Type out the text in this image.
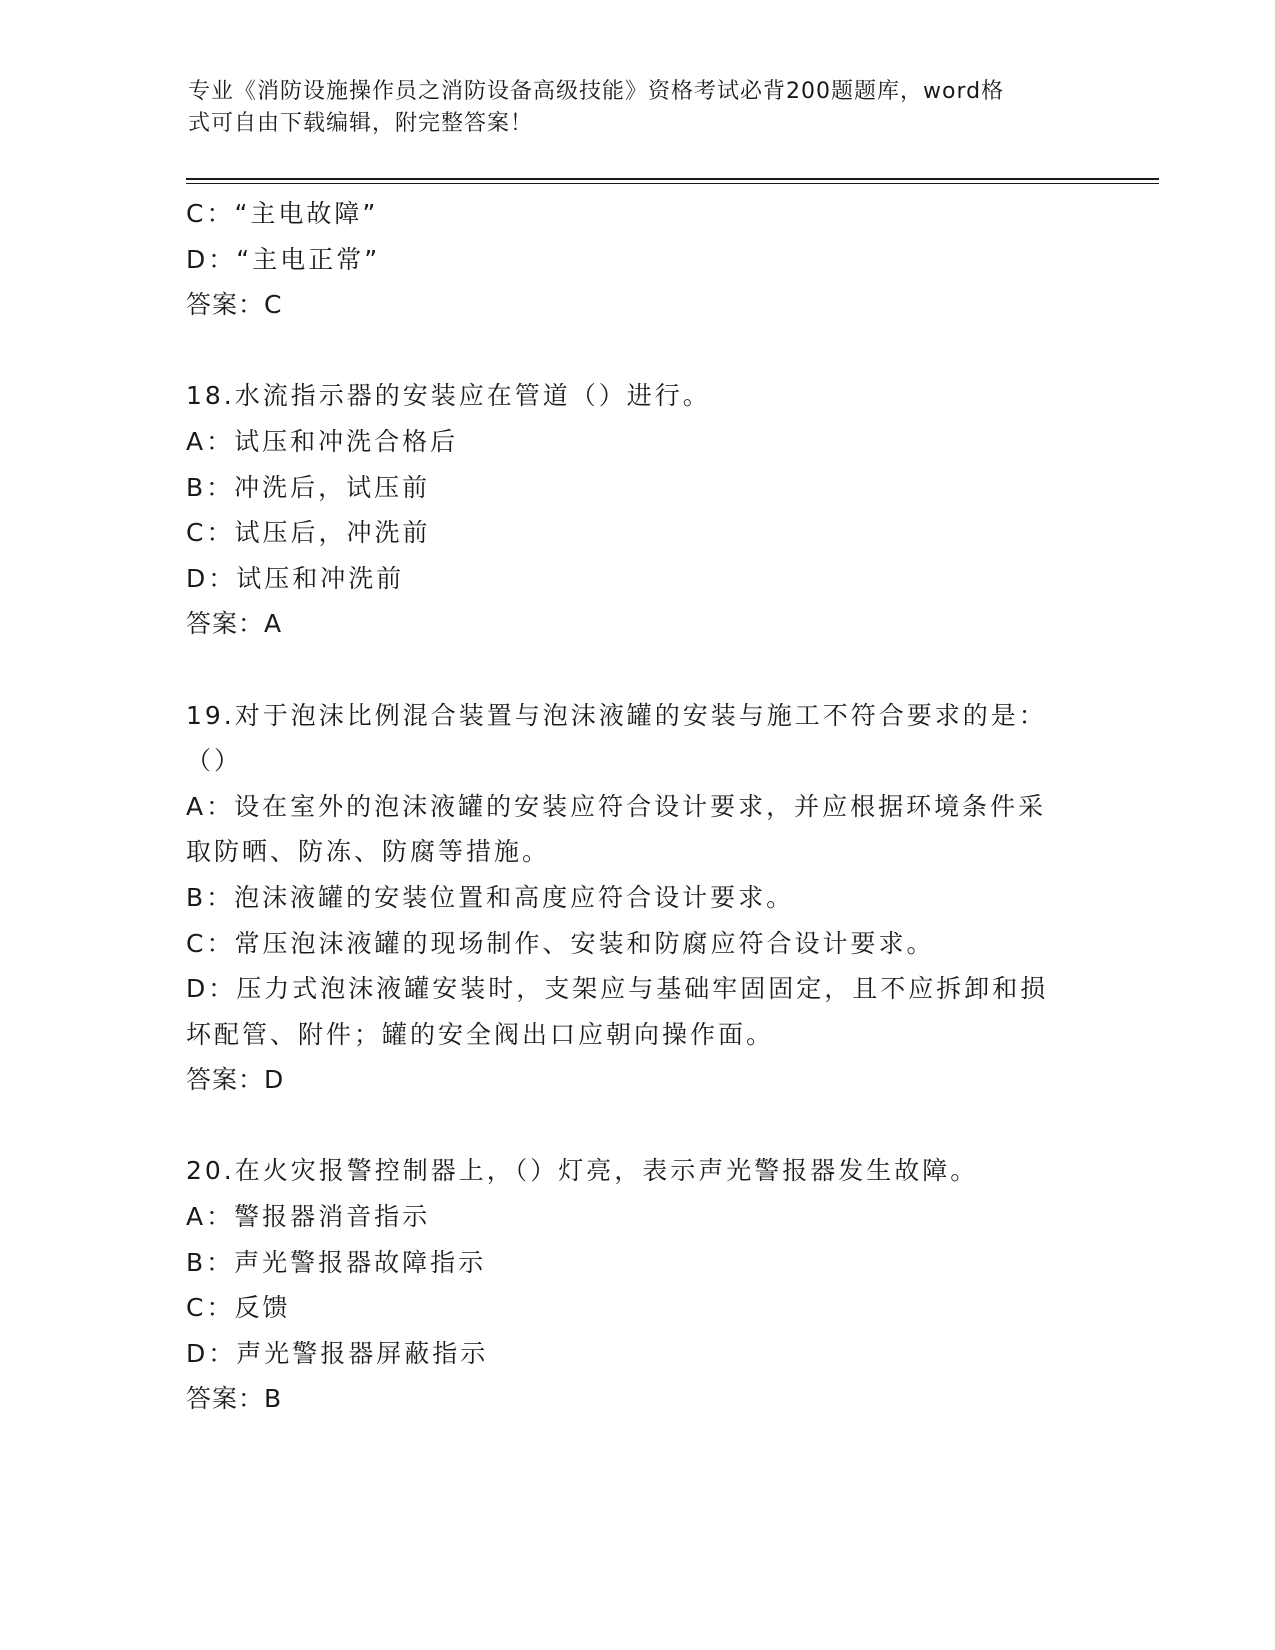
专业《消防设施操作员之消防设备高级技能》资格考试必背200题题库，word格
式可自由下载编辑，附完整答案！
C：“主电故障”
D：“主电正常”
答案：C
18.水流指示器的安装应在管道（）进行。
A：试压和冲洗合格后
B：冲洗后，试压前
C：试压后，冲洗前
D：试压和冲洗前
答案：A
19.对于泡沫比例混合装置与泡沫液罐的安装与施工不符合要求的是：
（）
A：设在室外的泡沫液罐的安装应符合设计要求，并应根据环境条件采
取防晒、防冻、防腐等措施。
B：泡沫液罐的安装位置和高度应符合设计要求。
C：常压泡沫液罐的现场制作、安装和防腐应符合设计要求。
D：压力式泡沫液罐安装时，支架应与基础牢固固定，且不应拆卸和损
坏配管、附件；罐的安全阀出口应朝向操作面。
答案：D
20.在火灾报警控制器上，（）灯亮，表示声光警报器发生故障。
A：警报器消音指示
B：声光警报器故障指示
C：反馈
D：声光警报器屏蔽指示
答案：B
